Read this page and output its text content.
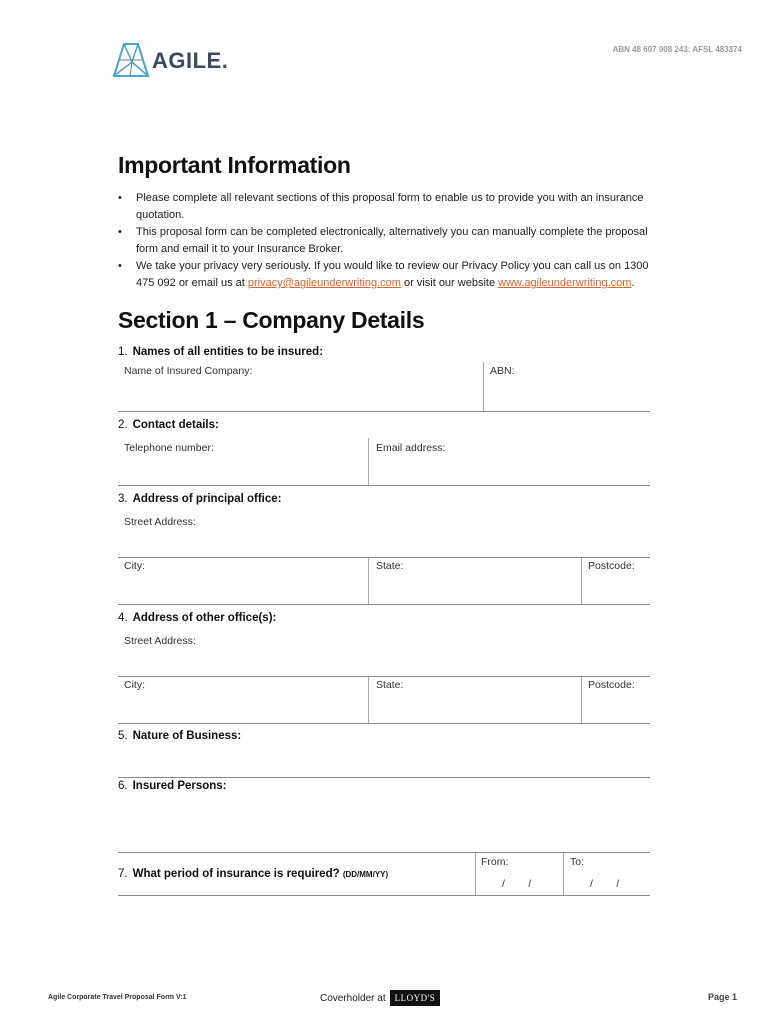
AGILE.	ABN 48 607 908 243: AFSL 483374
Important Information
• Please complete all relevant sections of this proposal form to enable us to provide you with an insurance quotation.
• This proposal form can be completed electronically, alternatively you can manually complete the proposal form and email it to your Insurance Broker.
• We take your privacy very seriously. If you would like to review our Privacy Policy you can call us on 1300 475 092 or email us at privacy@agileunderwriting.com or visit our website www.agileunderwriting.com.
Section 1 – Company Details
1. Names of all entities to be insured:
Name of Insured Company:	ABN:
2. Contact details:
Telephone number:	Email address:
3. Address of principal office:
Street Address:
City:	State:	Postcode:
4. Address of other office(s):
Street Address:
City:	State:	Postcode:
5. Nature of Business:
6. Insured Persons:
7. What period of insurance is required? (DD/MM/YY)
From:	To:
/        /	/        /
Agile Corporate Travel Proposal Form V:1	Coverholder at	LLOYD'S	Page 1
